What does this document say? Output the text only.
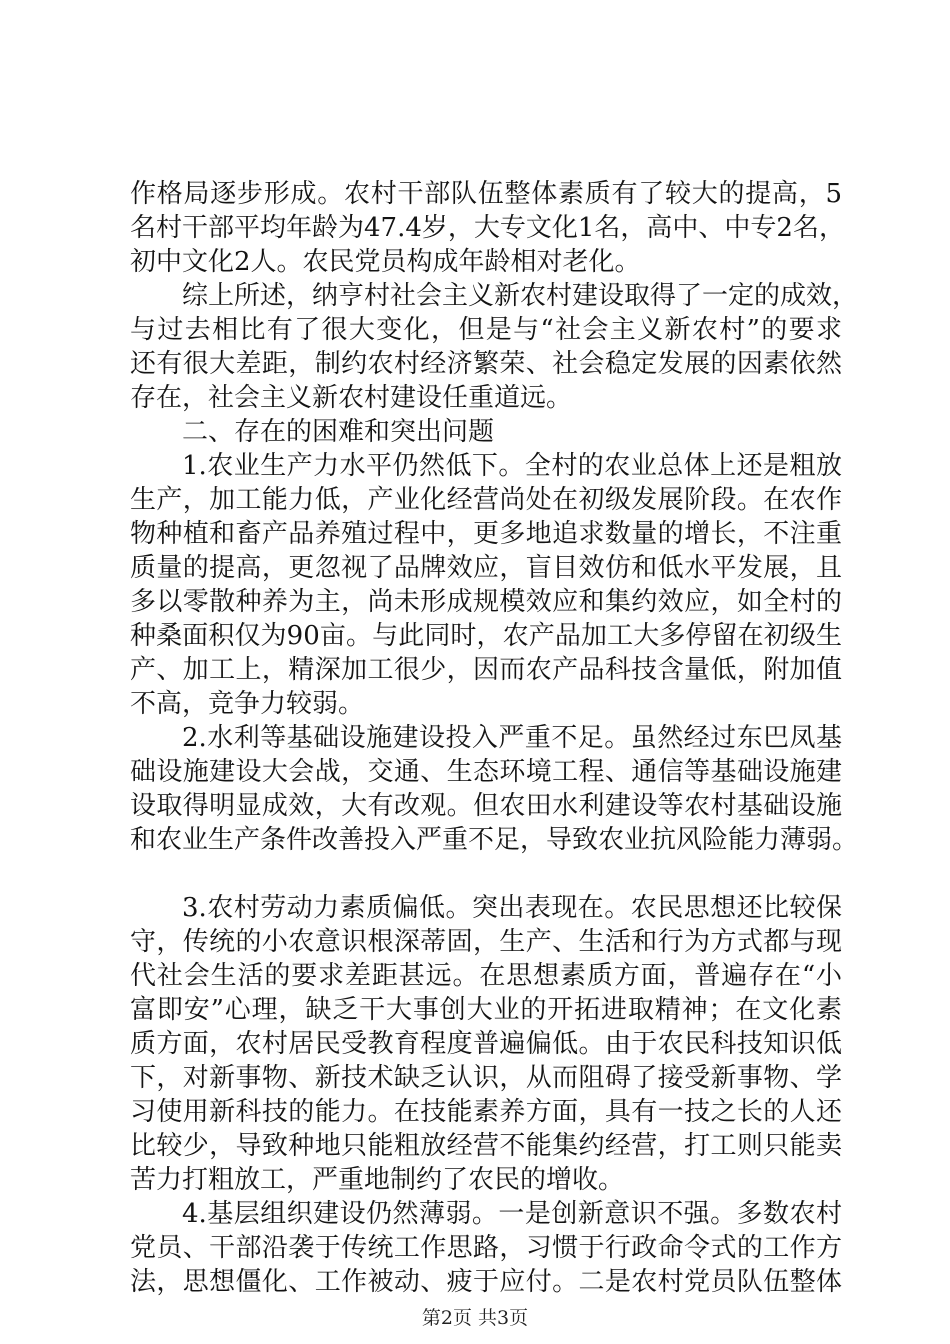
作格局逐步形成。农村干部队伍整体素质有了较大的提高，5
名村干部平均年龄为47.4岁，大专文化1名，高中、中专2名，
初中文化2人。农民党员构成年龄相对老化。
综上所述，纳亨村社会主义新农村建设取得了一定的成效，
与过去相比有了很大变化，但是与“社会主义新农村”的要求
还有很大差距，制约农村经济繁荣、社会稳定发展的因素依然
存在，社会主义新农村建设任重道远。
二、存在的困难和突出问题
1.农业生产力水平仍然低下。全村的农业总体上还是粗放
生产，加工能力低，产业化经营尚处在初级发展阶段。在农作
物种植和畜产品养殖过程中，更多地追求数量的增长，不注重
质量的提高，更忽视了品牌效应，盲目效仿和低水平发展，且
多以零散种养为主，尚未形成规模效应和集约效应，如全村的
种桑面积仅为90亩。与此同时，农产品加工大多停留在初级生
产、加工上，精深加工很少，因而农产品科技含量低，附加值
不高，竞争力较弱。
2.水利等基础设施建设投入严重不足。虽然经过东巴凤基
础设施建设大会战，交通、生态环境工程、通信等基础设施建
设取得明显成效，大有改观。但农田水利建设等农村基础设施
和农业生产条件改善投入严重不足，导致农业抗风险能力薄弱。
3.农村劳动力素质偏低。突出表现在。农民思想还比较保
守，传统的小农意识根深蒂固，生产、生活和行为方式都与现
代社会生活的要求差距甚远。在思想素质方面，普遍存在“小
富即安”心理，缺乏干大事创大业的开拓进取精神；在文化素
质方面，农村居民受教育程度普遍偏低。由于农民科技知识低
下，对新事物、新技术缺乏认识，从而阻碍了接受新事物、学
习使用新科技的能力。在技能素养方面，具有一技之长的人还
比较少，导致种地只能粗放经营不能集约经营，打工则只能卖
苦力打粗放工，严重地制约了农民的增收。
4.基层组织建设仍然薄弱。一是创新意识不强。多数农村
党员、干部沿袭于传统工作思路，习惯于行政命令式的工作方
法，思想僵化、工作被动、疲于应付。二是农村党员队伍整体
第2页 共3页
